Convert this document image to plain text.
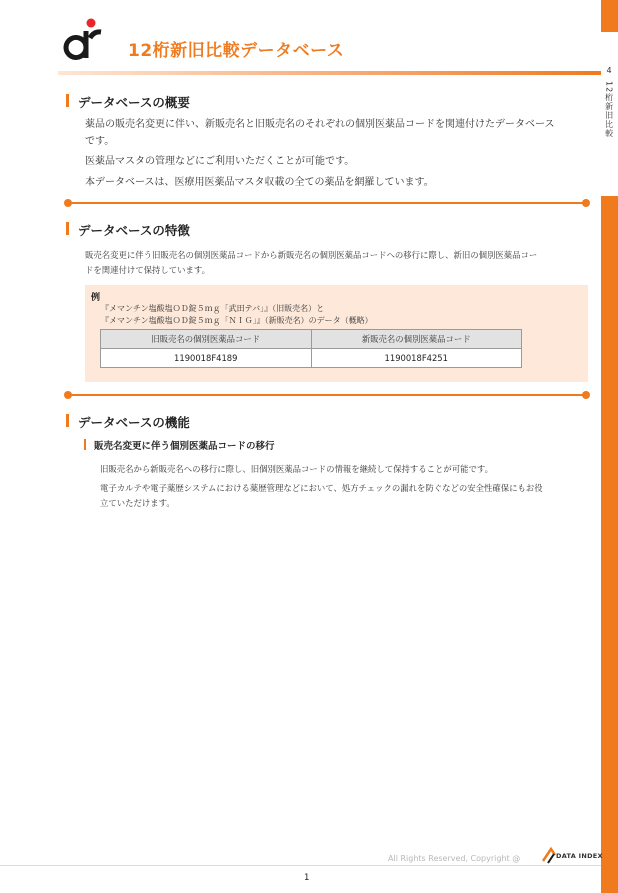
4
12桁新旧比較
12桁新旧比較データベース
データベースの概要
薬品の販売名変更に伴い、新販売名と旧販売名のそれぞれの個別医薬品コードを関連付けたデータベース
です。
医薬品マスタの管理などにご利用いただくことが可能です。
本データベースは、医療用医薬品マスタ収載の全ての薬品を網羅しています。
データベースの特徴
販売名変更に伴う旧販売名の個別医薬品コードから新販売名の個別医薬品コードへの移行に際し、新旧の個別医薬品コー
ドを関連付けて保持しています。
例
『メマンチン塩酸塩ＯＤ錠５ｍｇ「武田テバ」』（旧販売名）と
『メマンチン塩酸塩ＯＤ錠５ｍｇ「ＮＩＧ」』（新販売名）のデータ（概略）
旧販売名の個別医薬品コード	新販売名の個別医薬品コード
1190018F4189	1190018F4251
データベースの機能
販売名変更に伴う個別医薬品コードの移行
旧販売名から新販売名への移行に際し、旧個別医薬品コードの情報を継続して保持することが可能です。
電子カルテや電子薬歴システムにおける薬歴管理などにおいて、処方チェックの漏れを防ぐなどの安全性確保にもお役
立ていただけます。
All Rights Reserved, Copyright @	DATA INDEX
1
